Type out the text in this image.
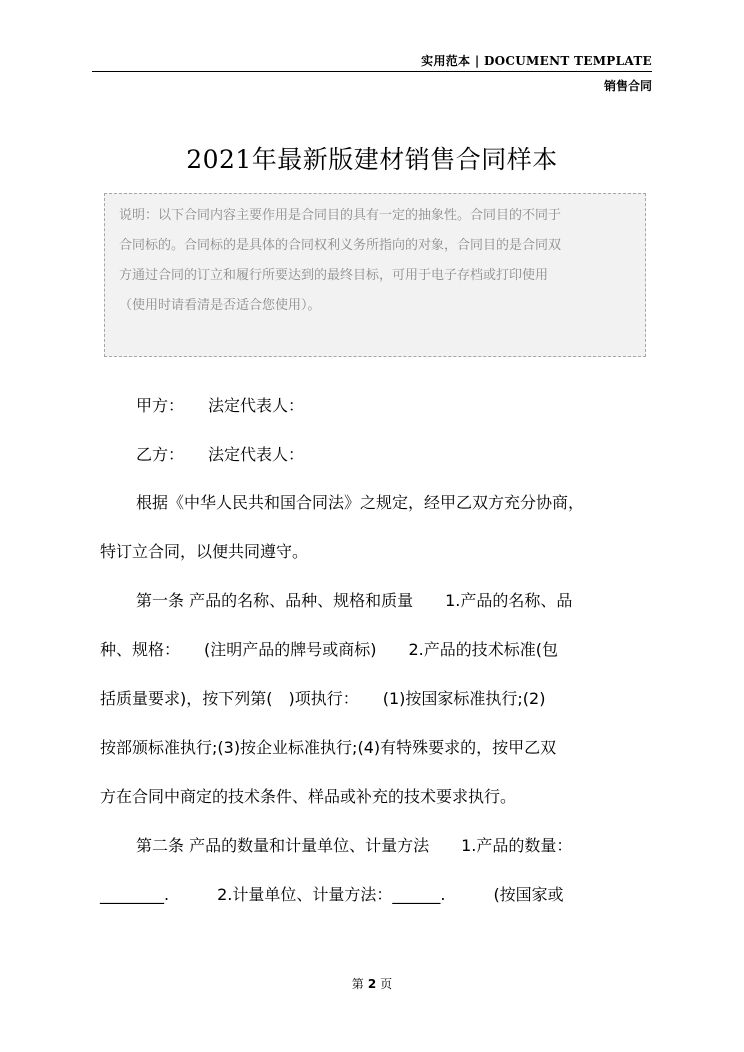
实用范本 | DOCUMENT TEMPLATE
销售合同
2021年最新版建材销售合同样本
说明：以下合同内容主要作用是合同目的具有一定的抽象性。合同目的不同于
合同标的。合同标的是具体的合同权利义务所指向的对象，合同目的是合同双
方通过合同的订立和履行所要达到的最终目标，可用于电子存档或打印使用
（使用时请看清是否适合您使用）。
甲方：　　法定代表人：
乙方：　　法定代表人：
根据《中华人民共和国合同法》之规定，经甲乙双方充分协商，
特订立合同，以便共同遵守。
第一条 产品的名称、品种、规格和质量　　1.产品的名称、品
种、规格：　　(注明产品的牌号或商标)　　2.产品的技术标准(包
括质量要求)，按下列第(　)项执行：　　(1)按国家标准执行;(2)
按部颁标准执行;(3)按企业标准执行;(4)有特殊要求的，按甲乙双
方在合同中商定的技术条件、样品或补充的技术要求执行。
第二条 产品的数量和计量单位、计量方法　　1.产品的数量：
________.　　　2.计量单位、计量方法：______.　　　(按国家或
第 2 页
